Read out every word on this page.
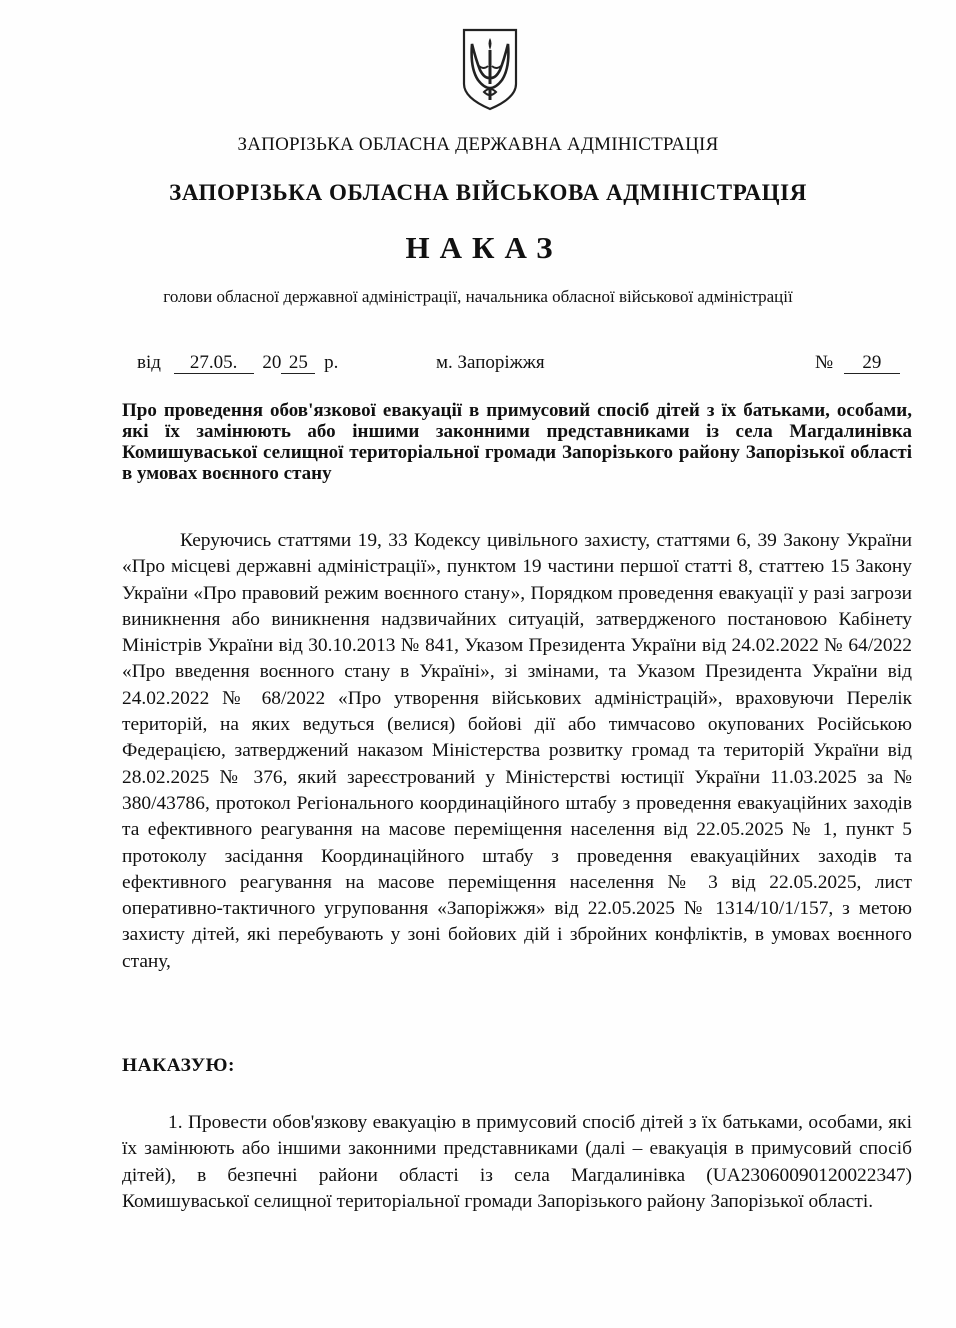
ЗАПОРІЗЬКА ОБЛАСНА ДЕРЖАВНА АДМІНІСТРАЦІЯ
ЗАПОРІЗЬКА ОБЛАСНА ВІЙСЬКОВА АДМІНІСТРАЦІЯ
НАКАЗ
голови обласної державної адміністрації, начальника обласної військової адміністрації
від 27.05. 20 25 р.	м. Запоріжжя	№ 29
Про проведення обов'язкової евакуації в примусовий спосіб дітей з їх батьками, особами, які їх замінюють або іншими законними представниками із села Магдалинівка Комишуваської селищної територіальної громади Запорізького району Запорізької області в умовах воєнного стану
Керуючись статтями 19, 33 Кодексу цивільного захисту, статтями 6, 39 Закону України «Про місцеві державні адміністрації», пунктом 19 частини першої статті 8, статтею 15 Закону України «Про правовий режим воєнного стану», Порядком проведення евакуації у разі загрози виникнення або виникнення надзвичайних ситуацій, затвердженого постановою Кабінету Міністрів України від 30.10.2013 № 841, Указом Президента України від 24.02.2022 № 64/2022 «Про введення воєнного стану в Україні», зі змінами, та Указом Президента України від 24.02.2022 № 68/2022 «Про утворення військових адміністрацій», враховуючи Перелік територій, на яких ведуться (велися) бойові дії або тимчасово окупованих Російською Федерацією, затверджений наказом Міністерства розвитку громад та територій України від 28.02.2025 № 376, який зареєстрований у Міністерстві юстиції України 11.03.2025 за № 380/43786, протокол Регіонального координаційного штабу з проведення евакуаційних заходів та ефективного реагування на масове переміщення населення від 22.05.2025 № 1, пункт 5 протоколу засідання Координаційного штабу з проведення евакуаційних заходів та ефективного реагування на масове переміщення населення № 3 від 22.05.2025, лист оперативно-тактичного угруповання «Запоріжжя» від 22.05.2025 № 1314/10/1/157, з метою захисту дітей, які перебувають у зоні бойових дій і збройних конфліктів, в умовах воєнного стану,
НАКАЗУЮ:
1. Провести обов'язкову евакуацію в примусовий спосіб дітей з їх батьками, особами, які їх замінюють або іншими законними представниками (далі – евакуація в примусовий спосіб дітей), в безпечні райони області із села Магдалинівка (UA23060090120022347) Комишуваської селищної територіальної громади Запорізького району Запорізької області.
